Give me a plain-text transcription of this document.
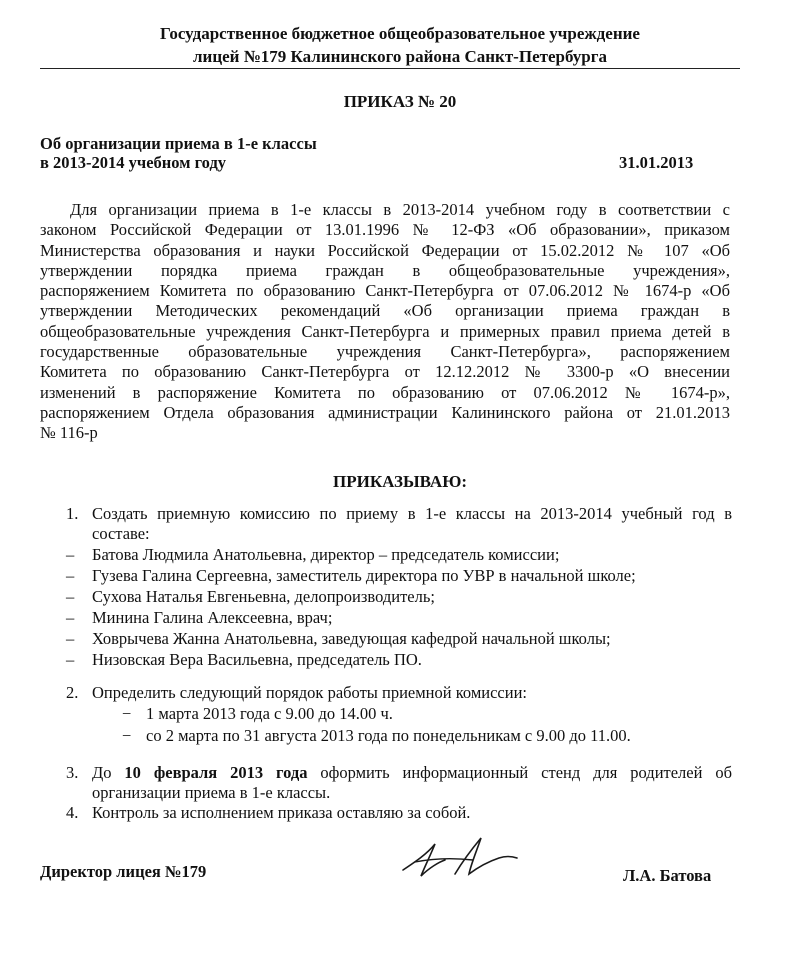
Государственное бюджетное общеобразовательное учреждение
лицей №179 Калининского района Санкт-Петербурга
ПРИКАЗ № 20
Об организации приема в 1-е классы
в 2013-2014 учебном году	31.01.2013
Для организации приема в 1-е классы в 2013-2014 учебном году в соответствии с
законом Российской Федерации от 13.01.1996 № 12-ФЗ «Об образовании», приказом
Министерства образования и науки Российской Федерации от 15.02.2012 № 107 «Об
утверждении порядка приема граждан в общеобразовательные учреждения»,
распоряжением Комитета по образованию Санкт-Петербурга от 07.06.2012 № 1674-р «Об
утверждении Методических рекомендаций «Об организации приема граждан в
общеобразовательные учреждения Санкт-Петербурга и примерных правил приема детей в
государственные образовательные учреждения Санкт-Петербурга», распоряжением
Комитета по образованию Санкт-Петербурга от 12.12.2012 № 3300-р «О внесении
изменений в распоряжение Комитета по образованию от 07.06.2012 № 1674-р»,
распоряжением Отдела образования администрации Калининского района от 21.01.2013
№ 116-р
ПРИКАЗЫВАЮ:
1. Создать приемную комиссию по приему в 1-е классы на 2013-2014 учебный год в
составе:
– Батова Людмила Анатольевна, директор – председатель комиссии;
– Гузева Галина Сергеевна, заместитель директора по УВР в начальной школе;
– Сухова Наталья Евгеньевна, делопроизводитель;
– Минина Галина Алексеевна, врач;
– Ховрычева Жанна Анатольевна, заведующая кафедрой начальной школы;
– Низовская Вера Васильевна, председатель ПО.
2. Определить следующий порядок работы приемной комиссии:
− 1 марта 2013 года с 9.00 до 14.00 ч.
− со 2 марта по 31 августа 2013 года по понедельникам с 9.00 до 11.00.
3. До 10 февраля 2013 года оформить информационный стенд для родителей об
организации приема в 1-е классы.
4. Контроль за исполнением приказа оставляю за собой.
Директор лицея №179	Л.А. Батова
